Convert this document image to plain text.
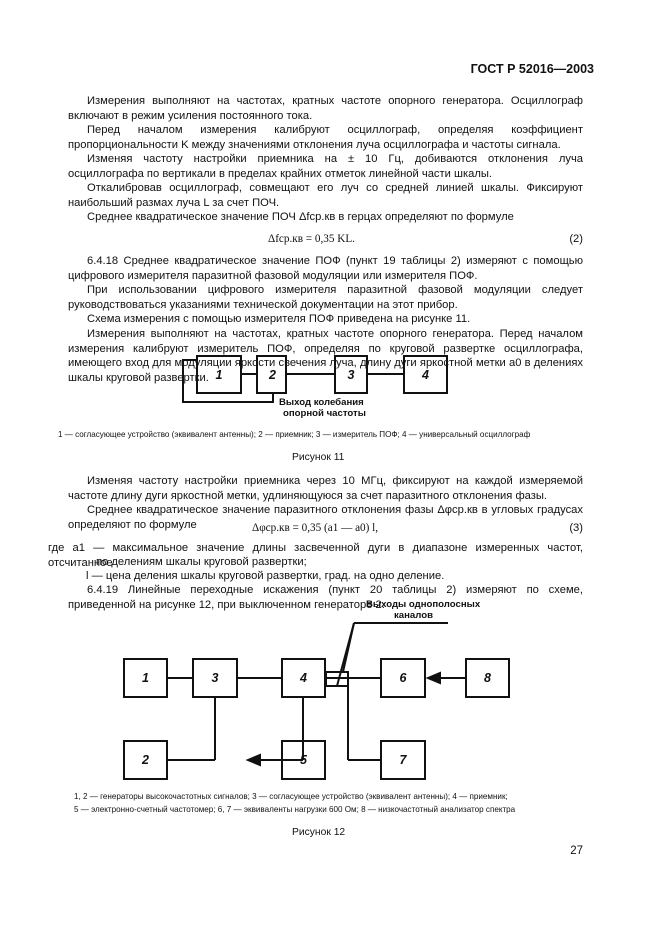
ГОСТ Р 52016—2003
Измерения выполняют на частотах, кратных частоте опорного генератора. Осциллограф включают в режим усиления постоянного тока.
Перед началом измерения калибруют осциллограф, определяя коэффициент пропорциональности K между значениями отклонения луча осциллографа и частоты сигнала.
Изменяя частоту настройки приемника на ± 10 Гц, добиваются отклонения луча осциллографа по вертикали в пределах крайних отметок линейной части шкалы.
Откалибровав осциллограф, совмещают его луч со средней линией шкалы. Фиксируют наибольший размах луча L за счет ПОЧ.
Среднее квадратическое значение ПОЧ Δfср.кв в герцах определяют по формуле
Δfср.кв = 0,35 KL.	(2)
6.4.18 Среднее квадратическое значение ПОФ (пункт 19 таблицы 2) измеряют с помощью цифрового измерителя паразитной фазовой модуляции или измерителя ПОФ.
При использовании цифрового измерителя паразитной фазовой модуляции следует руководствоваться указаниями технической документации на этот прибор.
Схема измерения с помощью измерителя ПОФ приведена на рисунке 11.
Измерения выполняют на частотах, кратных частоте опорного генератора. Перед началом измерения калибруют измеритель ПОФ, определяя по круговой развертке осциллографа, имеющего вход для модуляции яркости свечения луча, длину дуги яркостной метки a0 в делениях шкалы круговой развертки. 1	2	3	4
Выход колебания
опорной частоты
1 — согласующее устройство (эквивалент антенны); 2 — приемник; 3 — измеритель ПОФ; 4 — универсальный осциллограф
Рисунок 11
Изменяя частоту настройки приемника через 10 МГц, фиксируют на каждой измеряемой частоте длину дуги яркостной метки, удлиняющуюся за счет паразитного отклонения фазы.
Среднее квадратическое значение паразитного отклонения фазы Δφср.кв в угловых градусах определяют по формуле	Δφср.кв = 0,35 (a1 — a0) l,	(3)
где a1 — максимальное значение длины засвеченной дуги в диапазоне измеренных частот, отсчитанное
по делениям шкалы круговой развертки;
l — цена деления шкалы круговой развертки, град. на одно деление.
6.4.19 Линейные переходные искажения (пункт 20 таблицы 2) измеряют по схеме, приведенной на рисунке 12, при выключенном генераторе 2.
1	3	4	6	8
2	5	7
Выходы однополосных
каналов
1, 2 — генераторы высокочастотных сигналов; 3 — согласующее устройство (эквивалент антенны); 4 — приемник;
5 — электронно-счетный частотомер; 6, 7 — эквиваленты нагрузки 600 Ом; 8 — низкочастотный анализатор спектра
Рисунок 12
27
